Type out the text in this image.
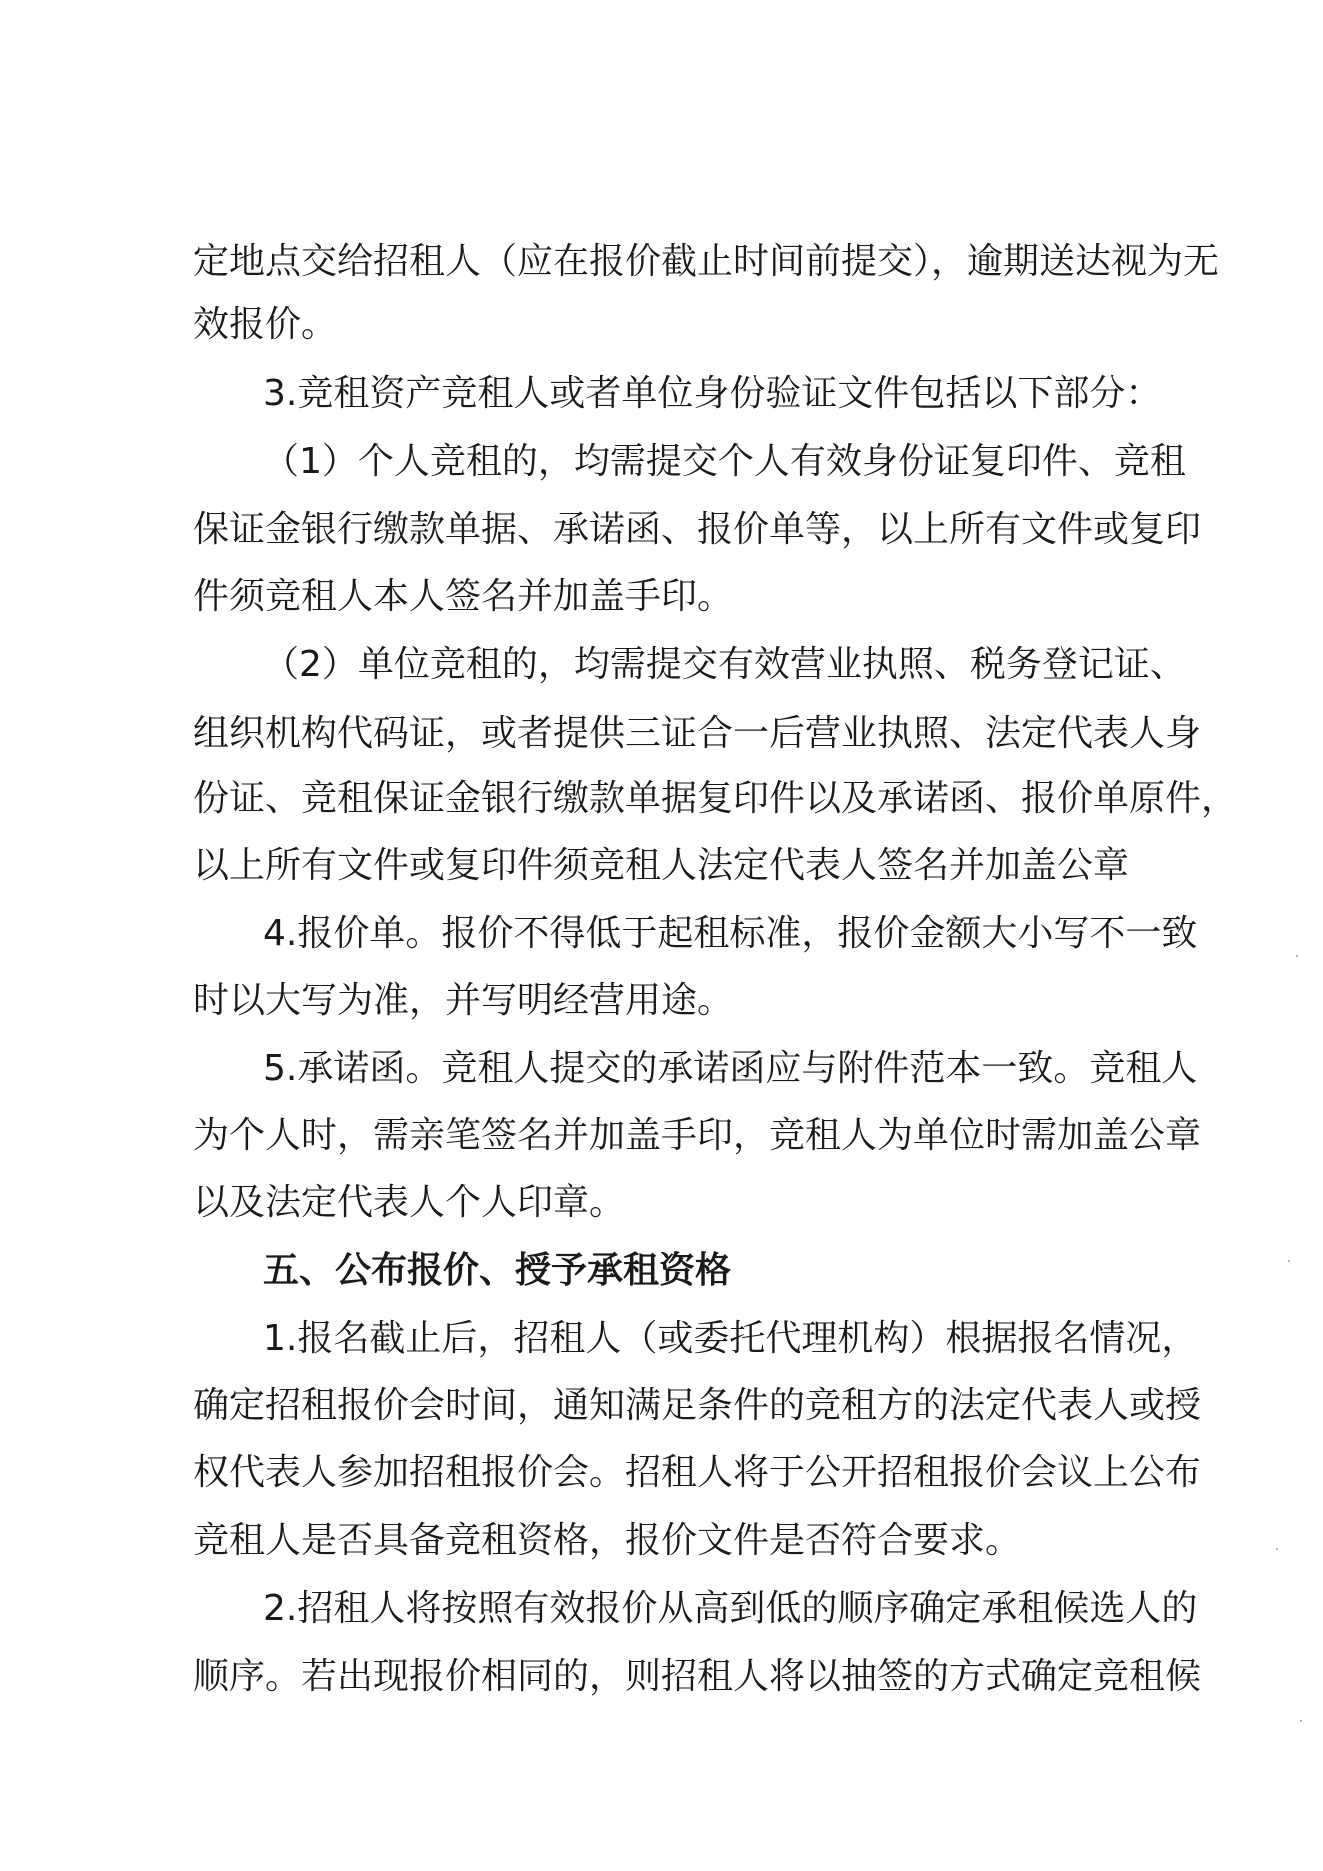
定地点交给招租人（应在报价截止时间前提交），逾期送达视为无

效报价。

3.竞租资产竞租人或者单位身份验证文件包括以下部分：

（1）个人竞租的，均需提交个人有效身份证复印件、竞租

保证金银行缴款单据、承诺函、报价单等，以上所有文件或复印

件须竞租人本人签名并加盖手印。

（2）单位竞租的，均需提交有效营业执照、税务登记证、

组织机构代码证，或者提供三证合一后营业执照、法定代表人身

份证、竞租保证金银行缴款单据复印件以及承诺函、报价单原件，

以上所有文件或复印件须竞租人法定代表人签名并加盖公章

4.报价单。报价不得低于起租标准，报价金额大小写不一致

时以大写为准，并写明经营用途。

5.承诺函。竞租人提交的承诺函应与附件范本一致。竞租人

为个人时，需亲笔签名并加盖手印，竞租人为单位时需加盖公章

以及法定代表人个人印章。

五、公布报价、授予承租资格

1.报名截止后，招租人（或委托代理机构）根据报名情况，

确定招租报价会时间，通知满足条件的竞租方的法定代表人或授

权代表人参加招租报价会。招租人将于公开招租报价会议上公布

竞租人是否具备竞租资格，报价文件是否符合要求。

2.招租人将按照有效报价从高到低的顺序确定承租候选人的

顺序。若出现报价相同的，则招租人将以抽签的方式确定竞租候
